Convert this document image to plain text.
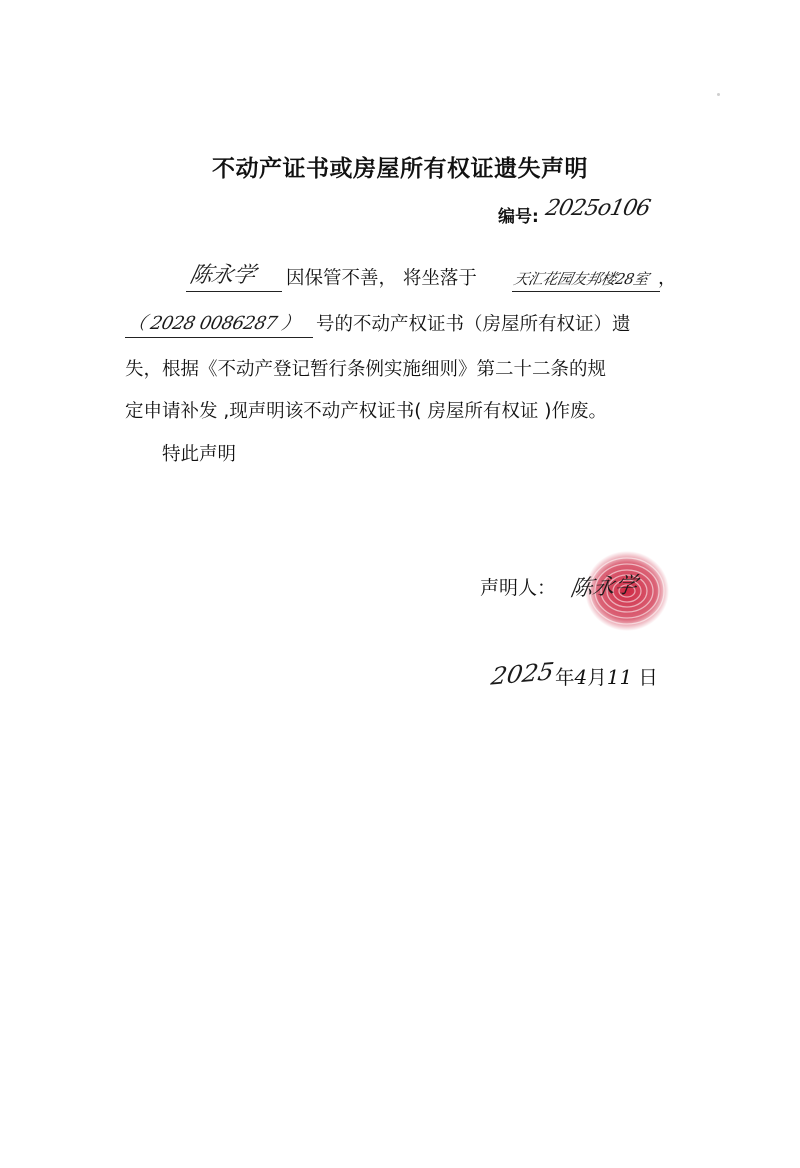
不动产证书或房屋所有权证遗失声明
编号: 2025o106
陈永学 因保管不善， 将坐落于 天汇花园友邦楼28室 ，
（ 2028 0086287 ） 号的不动产权证书（房屋所有权证）遗
失，根据《不动产登记暂行条例实施细则》第二十二条的规
定申请补发 ,现声明该不动产权证书( 房屋所有权证 )作废。
特此声明
声明人： 陈永学
2025 年4月11 日
